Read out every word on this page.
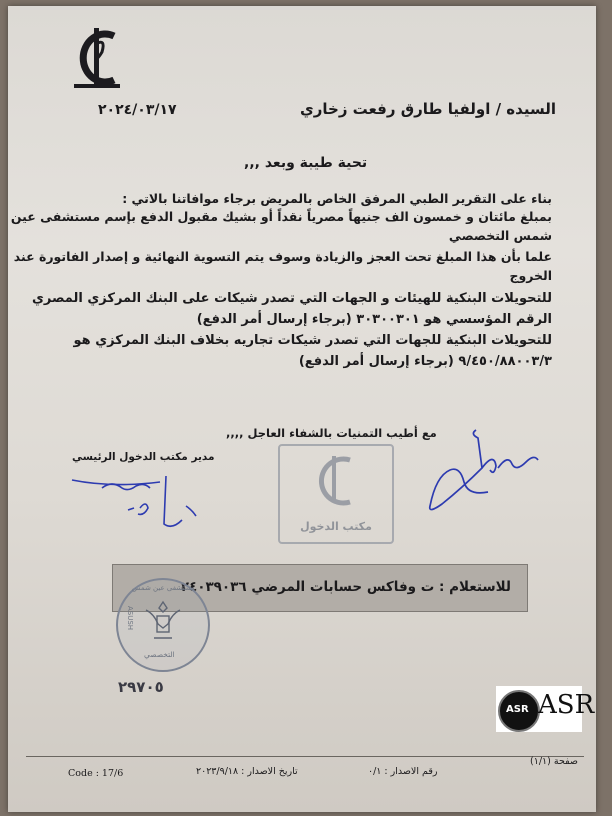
٢٠٢٤/٠٣/١٧	السيده / اولفيا طارق رفعت زخاري
تحية طيبة وبعد ,,,
بناء على التقرير الطبي المرفق الخاص بالمريض برجاء موافاتنا بالاتي :
بمبلغ مائتان و خمسون الف جنيهاً مصرياً نقداً أو بشيك مقبول الدفع بإسم مستشفى عين
شمس التخصصي
علما بأن هذا المبلغ تحت العجز والزيادة وسوف يتم التسوية النهائية و إصدار الفاتورة عند
الخروج
للتحويلات البنكية للهيئات و الجهات التي تصدر شيكات على البنك المركزي المصري
الرقم المؤسسي هو ٣٠٣٠٠٣٠١ (برجاء إرسال أمر الدفع)
للتحويلات البنكية للجهات التي تصدر شيكات تجاريه بخلاف البنك المركزي هو
٩/٤٥٠/٨٨٠٠٣/٣ (برجاء إرسال أمر الدفع)
مع أطيب التمنيات بالشفاء العاجل ,,,,
مكتب الدخول
مدير مكتب الدخول الرئيسي
للاستعلام : ت وفاكس حسابات المرضي ٢٤٠٣٩٠٣٦
مستشفى عين شمس
ASUSH
التخصصي
٢٩٧٠٥
ASR ASR
Code : 17/6	تاريخ الاصدار : ٢٠٢٣/٩/١٨	رقم الاصدار : ٠/١
صفحة (١/١)
